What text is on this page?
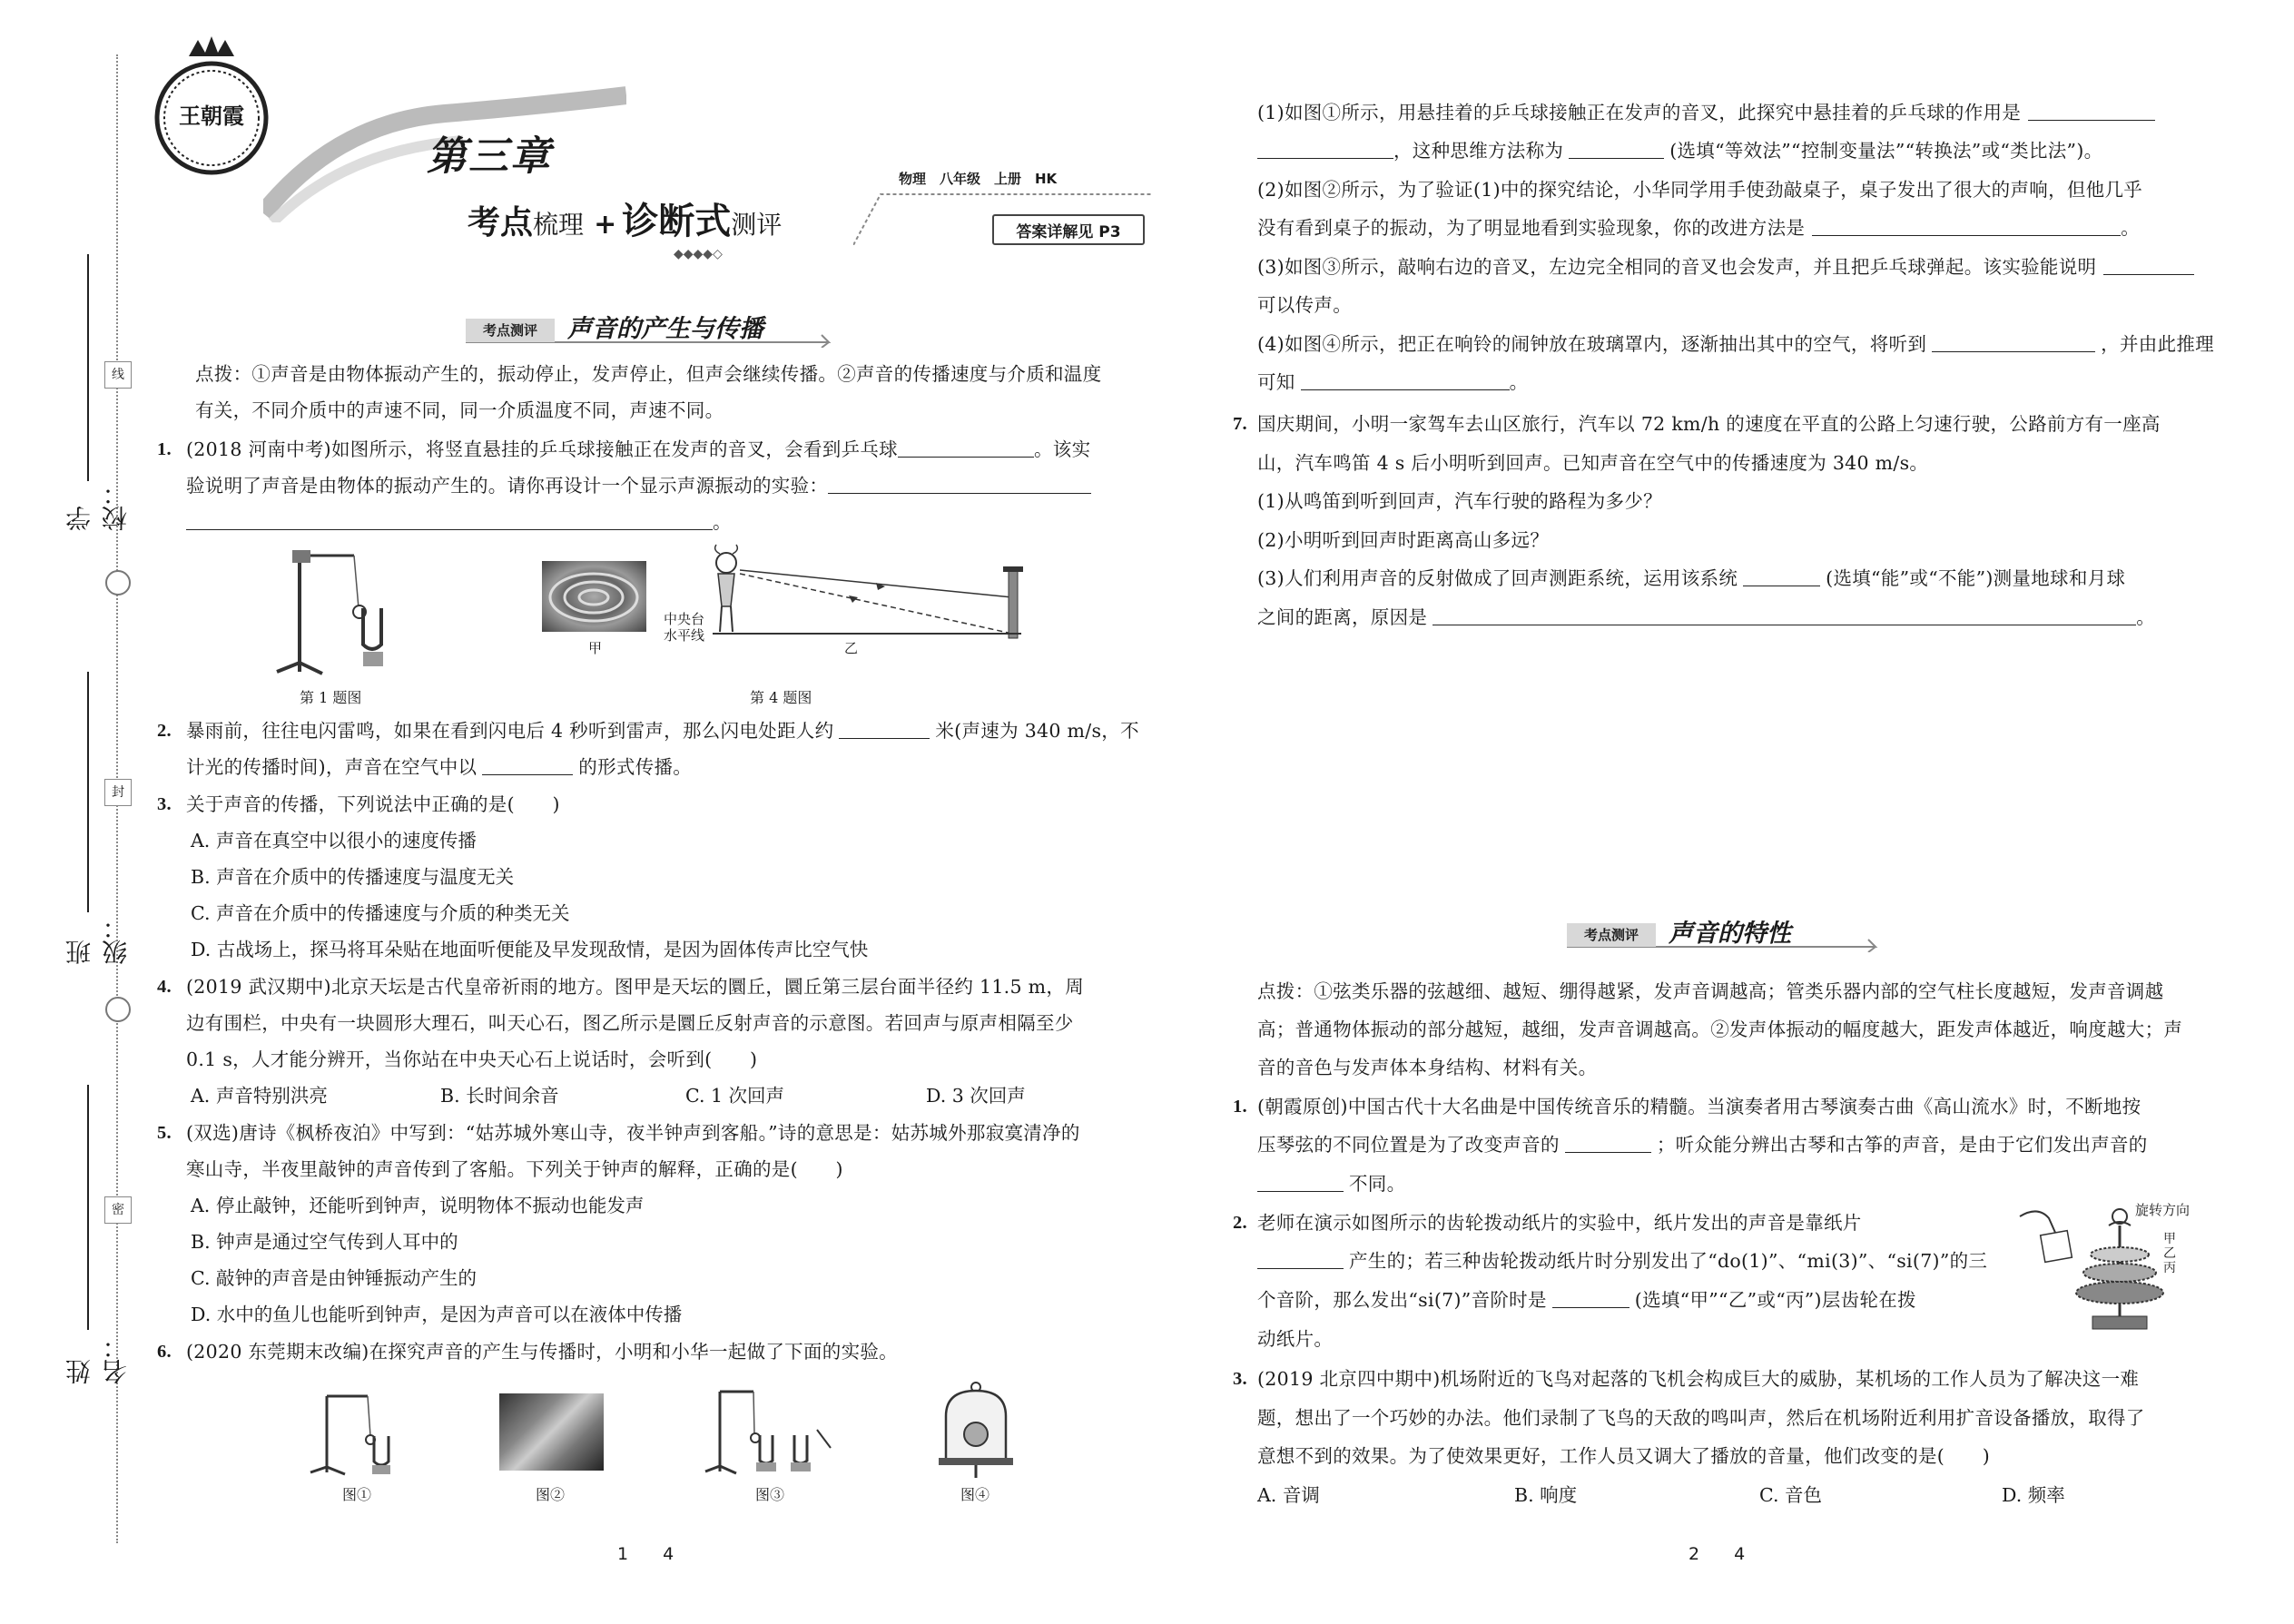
线
封
密
学校：
班级：
姓名：
王朝霞
第三章
考点梳理 + 诊断式测评
物理　八年级　上册　HK
答案详解见 P3
◆◆◆◆◇
考点测评	声音的产生与传播
点拨：①声音是由物体振动产生的，振动停止，发声停止，但声会继续传播。②声音的传播速度与介质和温度
有关，不同介质中的声速不同，同一介质温度不同，声速不同。
1. (2018 河南中考)如图所示，将竖直悬挂的乒乓球接触正在发声的音叉，会看到乒乓球	。该实
验说明了声音是由物体的振动产生的。请你再设计一个显示声源振动的实验：
。
第 1 题图
甲
中央台
水平线
乙
第 4 题图
2. 暴雨前，往往电闪雷鸣，如果在看到闪电后 4 秒听到雷声，那么闪电处距人约	米(声速为 340 m/s，不
计光的传播时间)，声音在空气中以	的形式传播。
3. 关于声音的传播，下列说法中正确的是(　　)
A. 声音在真空中以很小的速度传播
B. 声音在介质中的传播速度与温度无关
C. 声音在介质中的传播速度与介质的种类无关
D. 古战场上，探马将耳朵贴在地面听便能及早发现敌情，是因为固体传声比空气快
4. (2019 武汉期中)北京天坛是古代皇帝祈雨的地方。图甲是天坛的圜丘，圜丘第三层台面半径约 11.5 m，周
边有围栏，中央有一块圆形大理石，叫天心石，图乙所示是圜丘反射声音的示意图。若回声与原声相隔至少
0.1 s，人才能分辨开，当你站在中央天心石上说话时，会听到(　　)
A. 声音特别洪亮	B. 长时间余音	C. 1 次回声	D. 3 次回声
5. (双选)唐诗《枫桥夜泊》中写到：“姑苏城外寒山寺，夜半钟声到客船。”诗的意思是：姑苏城外那寂寞清净的
寒山寺，半夜里敲钟的声音传到了客船。下列关于钟声的解释，正确的是(　　)
A. 停止敲钟，还能听到钟声，说明物体不振动也能发声
B. 钟声是通过空气传到人耳中的
C. 敲钟的声音是由钟锤振动产生的
D. 水中的鱼儿也能听到钟声，是因为声音可以在液体中传播
6. (2020 东莞期末改编)在探究声音的产生与传播时，小明和小华一起做了下面的实验。
图①	图②	图③	图④
1　　4
(1)如图①所示，用悬挂着的乒乓球接触正在发声的音叉，此探究中悬挂着的乒乓球的作用是
，这种思维方法称为	(选填“等效法”“控制变量法”“转换法”或“类比法”)。
(2)如图②所示，为了验证(1)中的探究结论，小华同学用手使劲敲桌子，桌子发出了很大的声响，但他几乎
没有看到桌子的振动，为了明显地看到实验现象，你的改进方法是	。
(3)如图③所示，敲响右边的音叉，左边完全相同的音叉也会发声，并且把乒乓球弹起。该实验能说明
可以传声。
(4)如图④所示，把正在响铃的闹钟放在玻璃罩内，逐渐抽出其中的空气，将听到	，并由此推理
可知	。
7. 国庆期间，小明一家驾车去山区旅行，汽车以 72 km/h 的速度在平直的公路上匀速行驶，公路前方有一座高
山，汽车鸣笛 4 s 后小明听到回声。已知声音在空气中的传播速度为 340 m/s。
(1)从鸣笛到听到回声，汽车行驶的路程为多少？
(2)小明听到回声时距离高山多远？
(3)人们利用声音的反射做成了回声测距系统，运用该系统	(选填“能”或“不能”)测量地球和月球
之间的距离，原因是	。
考点测评	声音的特性
点拨：①弦类乐器的弦越细、越短、绷得越紧，发声音调越高；管类乐器内部的空气柱长度越短，发声音调越
高；普通物体振动的部分越短，越细，发声音调越高。②发声体振动的幅度越大，距发声体越近，响度越大；声
音的音色与发声体本身结构、材料有关。
1. (朝霞原创)中国古代十大名曲是中国传统音乐的精髓。当演奏者用古琴演奏古曲《高山流水》时，不断地按
压琴弦的不同位置是为了改变声音的	；听众能分辨出古琴和古筝的声音，是由于它们发出声音的
不同。
2. 老师在演示如图所示的齿轮拨动纸片的实验中，纸片发出的声音是靠纸片
产生的；若三种齿轮拨动纸片时分别发出了“do(1)”、“mi(3)”、“si(7)”的三
个音阶，那么发出“si(7)”音阶时是	(选填“甲”“乙”或“丙”)层齿轮在拨
动纸片。
旋转方向
甲
乙
丙
3. (2019 北京四中期中)机场附近的飞鸟对起落的飞机会构成巨大的威胁，某机场的工作人员为了解决这一难
题，想出了一个巧妙的办法。他们录制了飞鸟的天敌的鸣叫声，然后在机场附近利用扩音设备播放，取得了
意想不到的效果。为了使效果更好，工作人员又调大了播放的音量，他们改变的是(　　)
A. 音调	B. 响度	C. 音色	D. 频率
2　　4
